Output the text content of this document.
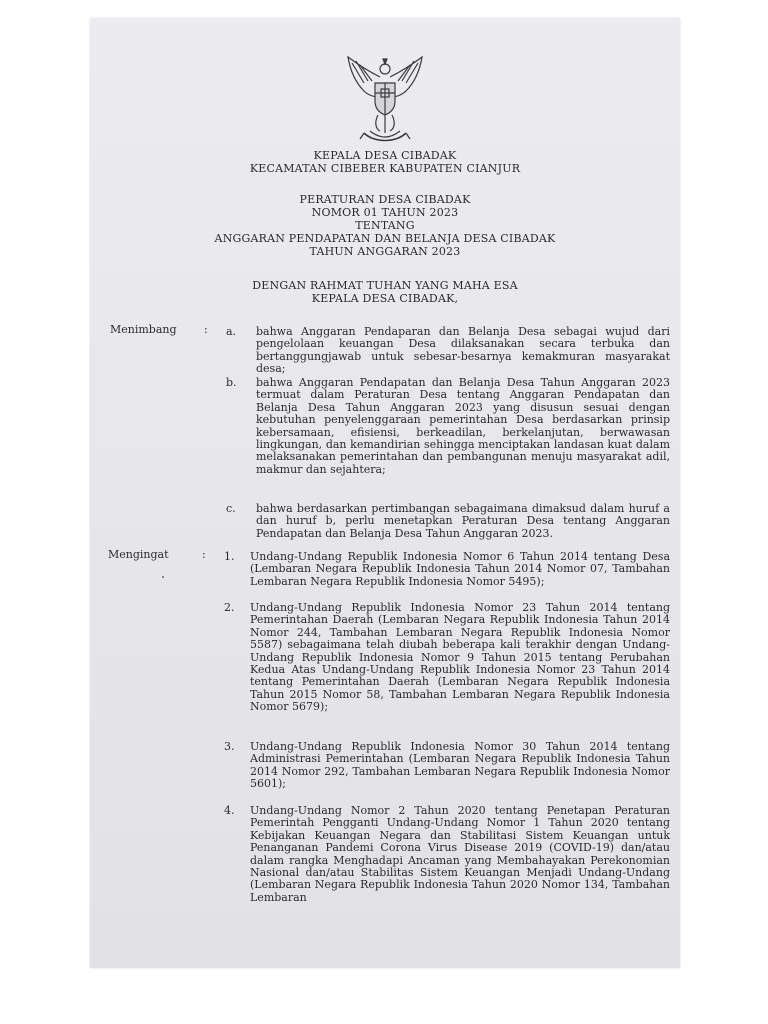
KEPALA DESA CIBADAK
KECAMATAN CIBEBER KABUPATEN CIANJUR
PERATURAN DESA CIBADAK
NOMOR 01 TAHUN 2023
TENTANG
ANGGARAN PENDAPATAN DAN BELANJA DESA CIBADAK
TAHUN ANGGARAN 2023
DENGAN RAHMAT TUHAN YANG MAHA ESA
KEPALA DESA CIBADAK,
Menimbang : a. bahwa Anggaran Pendaparan dan Belanja Desa sebagai wujud dari pengelolaan keuangan Desa dilaksanakan secara terbuka dan bertanggungjawab untuk sebesar-besarnya kemakmuran masyarakat desa;
b. bahwa Anggaran Pendapatan dan Belanja Desa Tahun Anggaran 2023 termuat dalam Peraturan Desa tentang Anggaran Pendapatan dan Belanja Desa Tahun Anggaran 2023 yang disusun sesuai dengan kebutuhan penyelenggaraan pemerintahan Desa berdasarkan prinsip kebersamaan, efisiensi, berkeadilan, berkelanjutan, berwawasan lingkungan, dan kemandirian sehingga menciptakan landasan kuat dalam melaksanakan pemerintahan dan pembangunan menuju masyarakat adil, makmur dan sejahtera;
c. bahwa berdasarkan pertimbangan sebagaimana dimaksud dalam huruf a dan huruf b, perlu menetapkan Peraturan Desa tentang Anggaran Pendapatan dan Belanja Desa Tahun Anggaran 2023.
Mengingat	: 1. Undang-Undang Republik Indonesia Nomor 6 Tahun 2014 tentang Desa (Lembaran Negara Republik Indonesia Tahun 2014 Nomor 07, Tambahan Lembaran Negara Republik Indonesia Nomor 5495);
2. Undang-Undang Republik Indonesia Nomor 23 Tahun 2014 tentang Pemerintahan Daerah (Lembaran Negara Republik Indonesia Tahun 2014 Nomor 244, Tambahan Lembaran Negara Republik Indonesia Nomor 5587) sebagaimana telah diubah beberapa kali terakhir dengan Undang-Undang Republik Indonesia Nomor 9 Tahun 2015 tentang Perubahan Kedua Atas Undang-Undang Republik Indonesia Nomor 23 Tahun 2014 tentang Pemerintahan Daerah (Lembaran Negara Republik Indonesia Tahun 2015 Nomor 58, Tambahan Lembaran Negara Republik Indonesia Nomor 5679);
3. Undang-Undang Republik Indonesia Nomor 30 Tahun 2014 tentang Administrasi Pemerintahan (Lembaran Negara Republik Indonesia Tahun 2014 Nomor 292, Tambahan Lembaran Negara Republik Indonesia Nomor 5601);
4. Undang-Undang Nomor 2 Tahun 2020 tentang Penetapan Peraturan Pemerintah Pengganti Undang-Undang Nomor 1 Tahun 2020 tentang Kebijakan Keuangan Negara dan Stabilitasi Sistem Keuangan untuk Penanganan Pandemi Corona Virus Disease 2019 (COVID-19) dan/atau dalam rangka Menghadapi Ancaman yang Membahayakan Perekonomian Nasional dan/atau Stabilitas Sistem Keuangan Menjadi Undang-Undang (Lembaran Negara Republik Indonesia Tahun 2020 Nomor 134, Tambahan Lembaran
